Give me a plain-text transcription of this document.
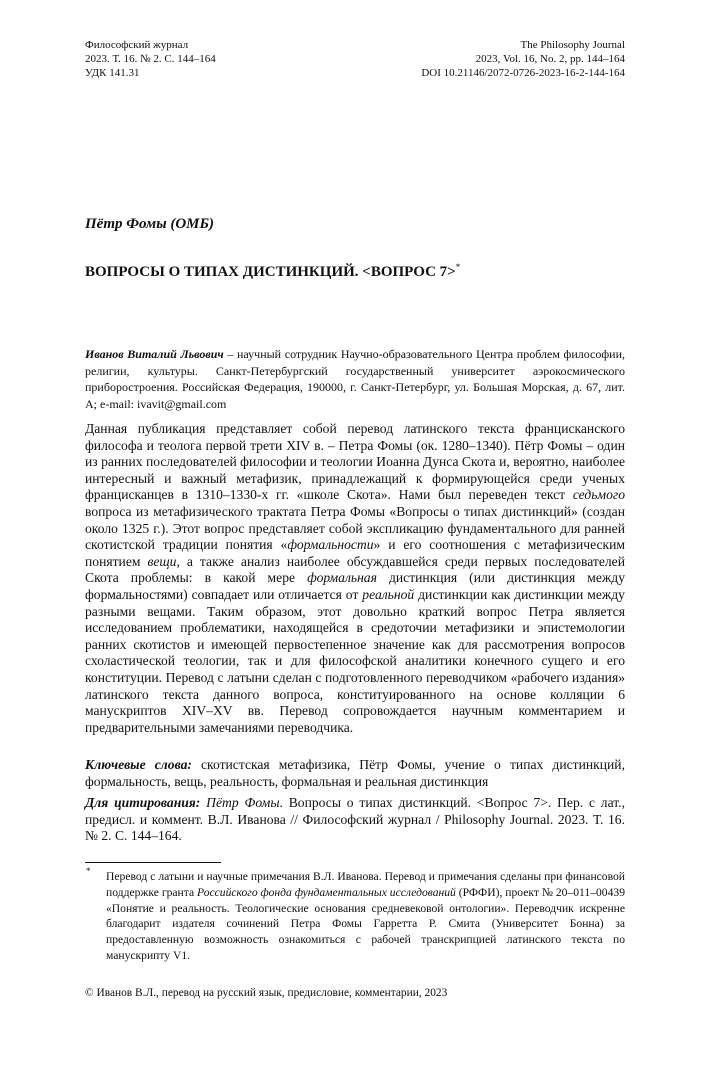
Философский журнал
2023. Т. 16. № 2. С. 144–164
УДК 141.31
The Philosophy Journal
2023, Vol. 16, No. 2, pp. 144–164
DOI 10.21146/2072-0726-2023-16-2-144-164
Пётр Фомы (ОМБ)
ВОПРОСЫ О ТИПАХ ДИСТИНКЦИЙ. <ВОПРОС 7>*
Иванов Виталий Львович – научный сотрудник Научно-образовательного Центра проблем философии, религии, культуры. Санкт-Петербургский государственный университет аэрокосмического приборостроения. Российская Федерация, 190000, г. Санкт-Петербург, ул. Большая Морская, д. 67, лит. А; e-mail: ivavit@gmail.com
Данная публикация представляет собой перевод латинского текста францисканского философа и теолога первой трети XIV в. – Петра Фомы (ок. 1280–1340). Пётр Фомы – один из ранних последователей философии и теологии Иоанна Дунса Скота и, вероятно, наиболее интересный и важный метафизик, принадлежащий к формирующейся среди ученых францисканцев в 1310–1330-х гг. «школе Скота». Нами был переведен текст седьмого вопроса из метафизического трактата Петра Фомы «Вопросы о типах дистинкций» (создан около 1325 г.). Этот вопрос представляет собой экспликацию фундаментального для ранней скотистской традиции понятия «формальности» и его соотношения с метафизическим понятием вещи, а также анализ наиболее обсуждавшейся среди первых последователей Скота проблемы: в какой мере формальная дистинкция (или дистинкция между формальностями) совпадает или отличается от реальной дистинкции как дистинкции между разными вещами. Таким образом, этот довольно краткий вопрос Петра является исследованием проблематики, находящейся в средоточии метафизики и эпистемологии ранних скотистов и имеющей первостепенное значение как для рассмотрения вопросов схоластической теологии, так и для философской аналитики конечного сущего и его конституции. Перевод с латыни сделан с подготовленного переводчиком «рабочего издания» латинского текста данного вопроса, конституированного на основе колляции 6 манускриптов XIV–XV вв. Перевод сопровождается научным комментарием и предварительными замечаниями переводчика.
Ключевые слова: скотистская метафизика, Пётр Фомы, учение о типах дистинкций, формальность, вещь, реальность, формальная и реальная дистинкция
Для цитирования: Пётр Фомы. Вопросы о типах дистинкций. <Вопрос 7>. Пер. с лат., предисл. и коммент. В.Л. Иванова // Философский журнал / Philosophy Journal. 2023. Т. 16. № 2. С. 144–164.
* Перевод с латыни и научные примечания В.Л. Иванова. Перевод и примечания сделаны при финансовой поддержке гранта Российского фонда фундаментальных исследований (РФФИ), проект № 20–011–00439 «Понятие и реальность. Теологические основания средневековой онтологии». Переводчик искренне благодарит издателя сочинений Петра Фомы Гарретта Р. Смита (Университет Бонна) за предоставленную возможность ознакомиться с рабочей транскрипцией латинского текста по манускрипту V1.
© Иванов В.Л., перевод на русский язык, предисловие, комментарии, 2023
